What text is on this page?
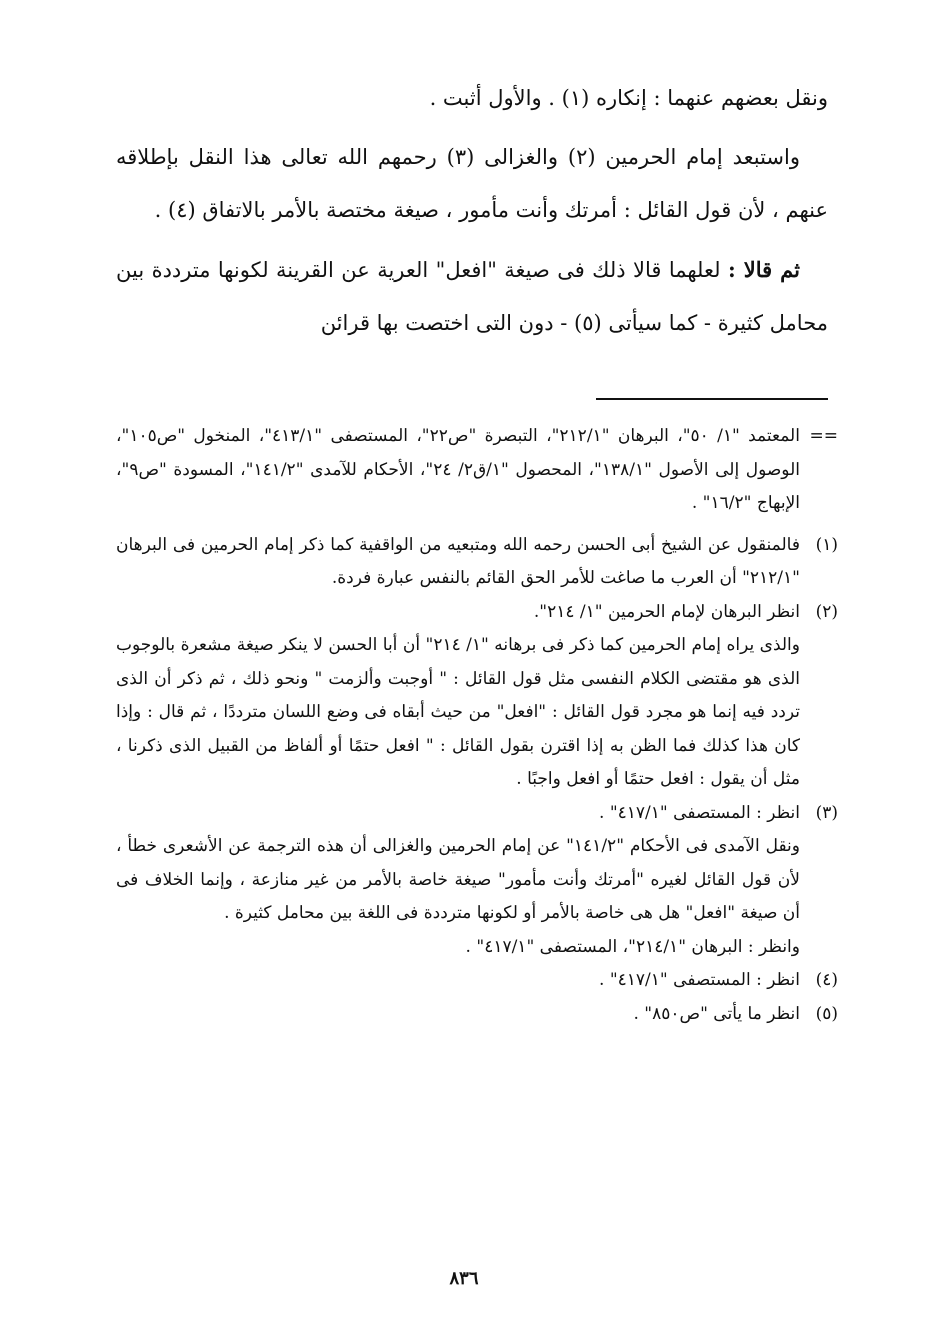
ونقل بعضهم عنهما : إنكاره (١) . والأول أثبت .

واستبعد إمام الحرمين (٢) والغزالى (٣) رحمهم الله تعالى هذا النقل بإطلاقه عنهم ، لأن قول القائل : أمرتك وأنت مأمور ، صيغة مختصة بالأمر بالاتفاق (٤) .

ثم قالا : لعلهما قالا ذلك فى صيغة "افعل" العرية عن القرينة لكونها مترددة بين محامل كثيرة - كما سيأتى (٥) - دون التى اختصت بها قرائن

==
المعتمد "١/ ٥٠"، البرهان "٢١٢/١"، التبصرة "ص٢٢"، المستصفى "٤١٣/١"، المنخول "ص١٠٥"، الوصول إلى الأصول "١٣٨/١"، المحصول "١/ق٢/ ٢٤"، الأحكام للآمدى "١٤١/٢"، المسودة "ص٩"، الإبهاج "١٦/٢" .
(١)
فالمنقول عن الشيخ أبى الحسن رحمه الله ومتبعيه من الواقفية كما ذكر إمام الحرمين فى البرهان "٢١٢/١" أن العرب ما صاغت للأمر الحق القائم بالنفس عبارة فردة.
(٢)
انظر البرهان لإمام الحرمين "١/ ٢١٤".
والذى يراه إمام الحرمين كما ذكر فى برهانه "١/ ٢١٤" أن أبا الحسن لا ينكر صيغة مشعرة بالوجوب الذى هو مقتضى الكلام النفسى مثل قول القائل : " أوجبت وألزمت " ونحو ذلك ، ثم ذكر أن الذى تردد فيه إنما هو مجرد قول القائل : "افعل" من حيث أبقاه فى وضع اللسان مترددًا ، ثم قال : وإذا كان هذا كذلك فما الظن به إذا اقترن بقول القائل : " افعل حتمًا أو ألفاظ من القبيل الذى ذكرنا ، مثل أن يقول : افعل حتمًا أو افعل واجبًا .
(٣)
انظر : المستصفى "٤١٧/١" .
ونقل الآمدى فى الأحكام "١٤١/٢" عن إمام الحرمين والغزالى أن هذه الترجمة عن الأشعرى خطأ ، لأن قول القائل لغيره "أمرتك وأنت مأمور" صيغة خاصة بالأمر من غير منازعة ، وإنما الخلاف فى أن صيغة "افعل" هل هى خاصة بالأمر أو لكونها مترددة فى اللغة بين محامل كثيرة .
وانظر : البرهان "٢١٤/١"، المستصفى "٤١٧/١" .
(٤)
انظر : المستصفى "٤١٧/١" .
(٥)
انظر ما يأتى "ص٨٥٠" .
٨٣٦
